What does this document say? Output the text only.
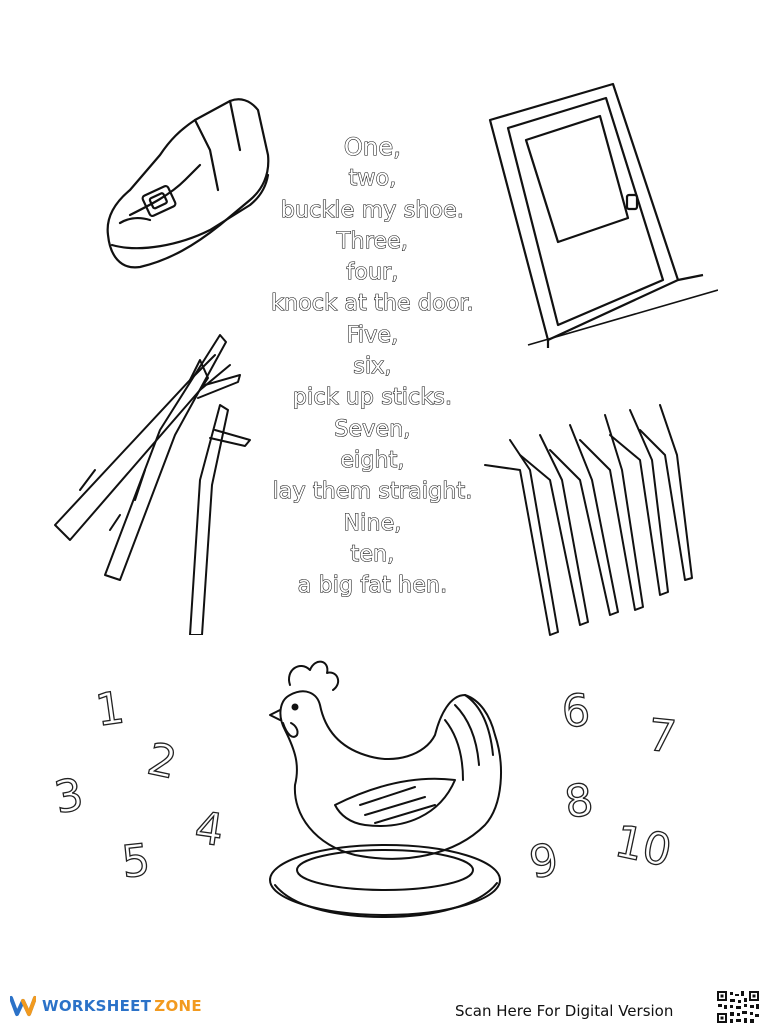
One,
two,
buckle my shoe.
Three,
four,
knock at the door.
Five,
six,
pick up sticks.
Seven,
eight,
lay them straight.
Nine,
ten,
a big fat hen.
1
2
3
4
5
6 7
8
9 10
WORKSHEET ZONE	Scan Here For Digital Version
